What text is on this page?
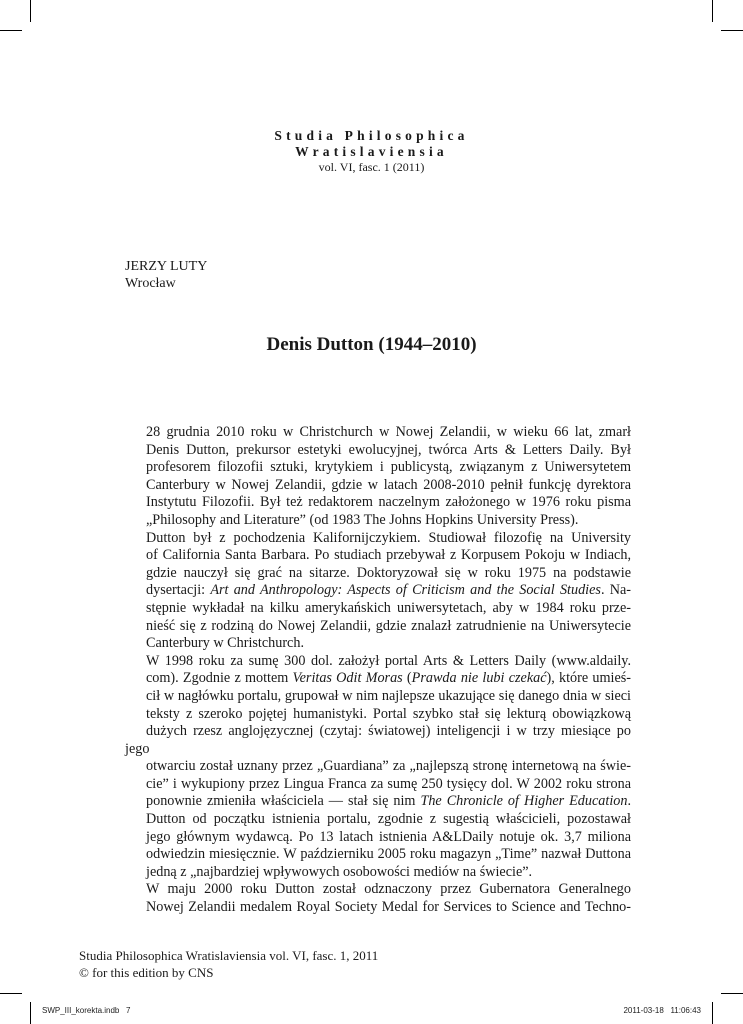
Studia Philosophica
Wratislaviensia
vol. VI, fasc. 1 (2011)
JERZY LUTY
Wrocław
Denis Dutton (1944–2010)

28 grudnia 2010 roku w Christchurch w Nowej Zelandii, w wieku 66 lat, zmarł
Denis Dutton, prekursor estetyki ewolucyjnej, twórca Arts & Letters Daily. Był
profesorem filozofii sztuki, krytykiem i publicystą, związanym z Uniwersytetem
Canterbury w Nowej Zelandii, gdzie w latach 2008-2010 pełnił funkcję dyrektora
Instytutu Filozofii. Był też redaktorem naczelnym założonego w 1976 roku pisma
„Philosophy and Literature” (od 1983 The Johns Hopkins University Press).

Dutton był z pochodzenia Kalifornijczykiem. Studiował filozofię na University
of California Santa Barbara. Po studiach przebywał z Korpusem Pokoju w Indiach,
gdzie nauczył się grać na sitarze. Doktoryzował się w roku 1975 na podstawie
dysertacji: Art and Anthropology: Aspects of Criticism and the Social Studies. Na-
stępnie wykładał na kilku amerykańskich uniwersytetach, aby w 1984 roku prze-
nieść się z rodziną do Nowej Zelandii, gdzie znalazł zatrudnienie na Uniwersytecie
Canterbury w Christchurch.

W 1998 roku za sumę 300 dol. założył portal Arts & Letters Daily (www.aldaily.
com). Zgodnie z mottem Veritas Odit Moras (Prawda nie lubi czekać), które umieś-
cił w nagłówku portalu, grupował w nim najlepsze ukazujące się danego dnia w sieci
teksty z szeroko pojętej humanistyki. Portal szybko stał się lekturą obowiązkową
dużych rzesz anglojęzycznej (czytaj: światowej) inteligencji i w trzy miesiące po jego
otwarciu został uznany przez „Guardiana” za „najlepszą stronę internetową na świe-
cie” i wykupiony przez Lingua Franca za sumę 250 tysięcy dol. W 2002 roku strona
ponownie zmieniła właściciela — stał się nim The Chronicle of Higher Education.
Dutton od początku istnienia portalu, zgodnie z sugestią właścicieli, pozostawał
jego głównym wydawcą. Po 13 latach istnienia A&LDaily notuje ok. 3,7 miliona
odwiedzin miesięcznie. W październiku 2005 roku magazyn „Time” nazwał Duttona
jedną z „najbardziej wpływowych osobowości mediów na świecie”.

W maju 2000 roku Dutton został odznaczony przez Gubernatora Generalnego
Nowej Zelandii medalem Royal Society Medal for Services to Science and Techno-

Studia Philosophica Wratislaviensia vol. VI, fasc. 1, 2011
© for this edition by CNS
SWP_III_korekta.indb   7	2011-03-18   11:06:43
